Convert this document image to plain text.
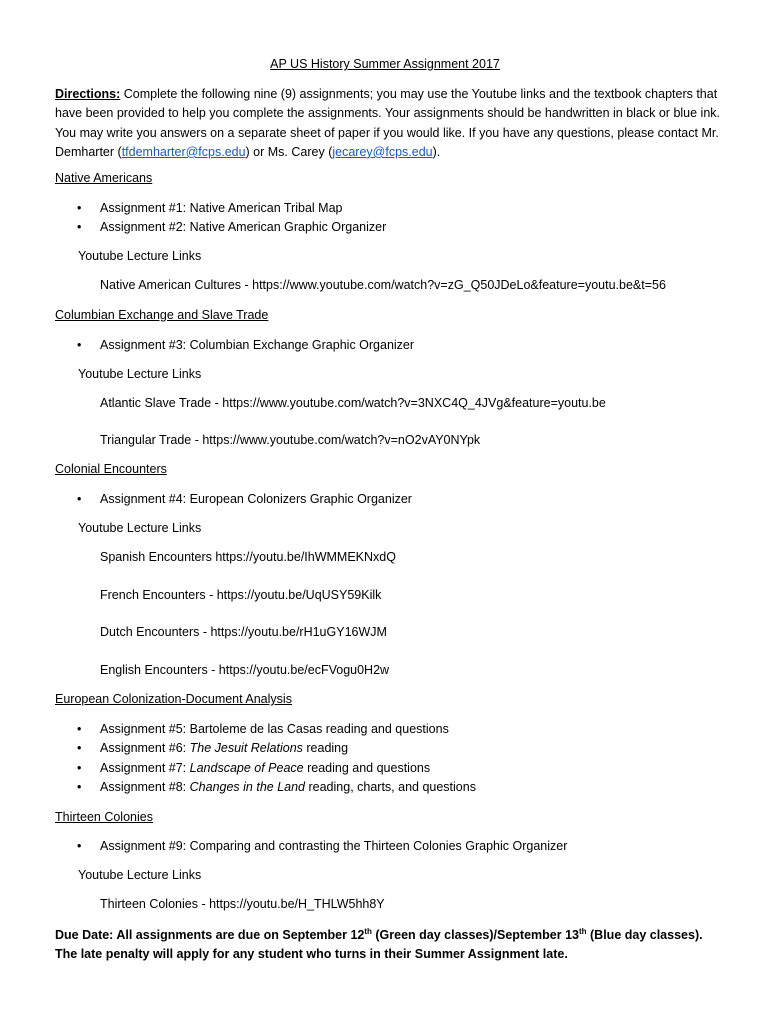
AP US History Summer Assignment 2017
Directions: Complete the following nine (9) assignments; you may use the Youtube links and the textbook chapters that have been provided to help you complete the assignments. Your assignments should be handwritten in black or blue ink. You may write you answers on a separate sheet of paper if you would like. If you have any questions, please contact Mr. Demharter (tfdemharter@fcps.edu) or Ms. Carey (jecarey@fcps.edu).
Native Americans
Assignment #1: Native American Tribal Map
Assignment #2: Native American Graphic Organizer
Youtube Lecture Links
Native American Cultures - https://www.youtube.com/watch?v=zG_Q50JDeLo&feature=youtu.be&t=56
Columbian Exchange and Slave Trade
Assignment #3: Columbian Exchange Graphic Organizer
Youtube Lecture Links
Atlantic Slave Trade - https://www.youtube.com/watch?v=3NXC4Q_4JVg&feature=youtu.be
Triangular Trade - https://www.youtube.com/watch?v=nO2vAY0NYpk
Colonial Encounters
Assignment #4: European Colonizers Graphic Organizer
Youtube Lecture Links
Spanish Encounters https://youtu.be/IhWMMEKNxdQ
French Encounters - https://youtu.be/UqUSY59Kilk
Dutch Encounters - https://youtu.be/rH1uGY16WJM
English Encounters - https://youtu.be/ecFVogu0H2w
European Colonization-Document Analysis
Assignment #5: Bartoleme de las Casas reading and questions
Assignment #6: The Jesuit Relations reading
Assignment #7: Landscape of Peace reading and questions
Assignment #8: Changes in the Land reading, charts, and questions
Thirteen Colonies
Assignment #9: Comparing and contrasting the Thirteen Colonies Graphic Organizer
Youtube Lecture Links
Thirteen Colonies - https://youtu.be/H_THLW5hh8Y
Due Date: All assignments are due on September 12th (Green day classes)/September 13th (Blue day classes). The late penalty will apply for any student who turns in their Summer Assignment late.
